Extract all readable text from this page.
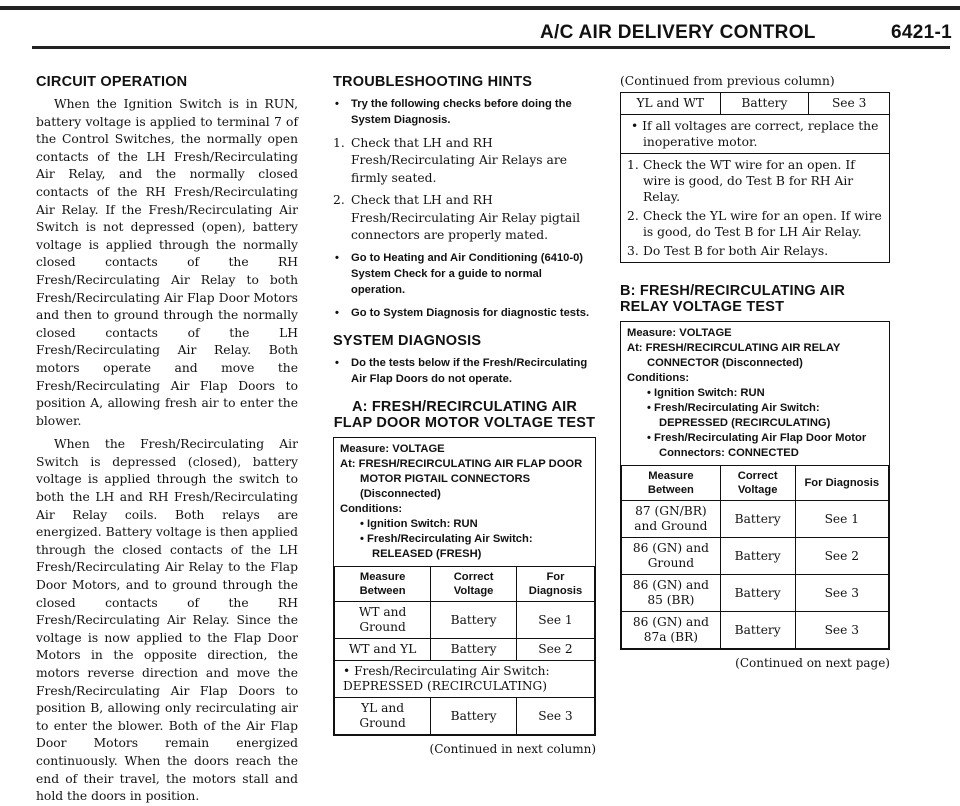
A/C AIR DELIVERY CONTROL	6421-1
CIRCUIT OPERATION

When the Ignition Switch is in RUN, battery voltage is applied to terminal 7 of the Control Switches, the normally open contacts of the LH Fresh/Recirculating Air Relay, and the normally closed contacts of the RH Fresh/Recirculating Air Relay. If the Fresh/Recirculating Air Switch is not depressed (open), battery voltage is applied through the normally closed contacts of the RH Fresh/Recirculating Air Relay to both Fresh/Recirculating Air Flap Door Motors and then to ground through the normally closed contacts of the LH Fresh/Recirculating Air Relay. Both motors operate and move the Fresh/Recirculating Air Flap Doors to position A, allowing fresh air to enter the blower.

When the Fresh/Recirculating Air Switch is depressed (closed), battery voltage is applied through the switch to both the LH and RH Fresh/Recirculating Air Relay coils. Both relays are energized. Battery voltage is then applied through the closed contacts of the LH Fresh/Recirculating Air Relay to the Flap Door Motors, and to ground through the closed contacts of the RH Fresh/Recirculating Air Relay. Since the voltage is now applied to the Flap Door Motors in the opposite direction, the motors reverse direction and move the Fresh/Recirculating Air Flap Doors to position B, allowing only recirculating air to enter the blower. Both of the Air Flap Door Motors remain energized continuously. When the doors reach the end of their travel, the motors stall and hold the doors in position.

TROUBLESHOOTING HINTS
• Try the following checks before doing the System Diagnosis.
1. Check that LH and RH Fresh/Recirculating Air Relays are firmly seated.
2. Check that LH and RH Fresh/Recirculating Air Relay pigtail connectors are properly mated.
• Go to Heating and Air Conditioning (6410-0) System Check for a guide to normal operation.
• Go to System Diagnosis for diagnostic tests.
SYSTEM DIAGNOSIS
• Do the tests below if the Fresh/Recirculating Air Flap Doors do not operate.
A: FRESH/RECIRCULATING AIR FLAP DOOR MOTOR VOLTAGE TEST
Measure: VOLTAGE
At: FRESH/RECIRCULATING AIR FLAP DOOR
MOTOR PIGTAIL CONNECTORS
(Disconnected)
Conditions:
• Ignition Switch: RUN
• Fresh/Recirculating Air Switch:
RELEASED (FRESH)
Measure Between	Correct Voltage	For Diagnosis
WT and Ground	Battery	See 1
WT and YL	Battery	See 2
• Fresh/Recirculating Air Switch: DEPRESSED (RECIRCULATING)		
YL and Ground	Battery	See 3
(Continued in next column)
(Continued from previous column)
YL and WT	Battery	See 3
• If all voltages are correct, replace the inoperative motor.
1. Check the WT wire for an open. If wire is good, do Test B for RH Air Relay.
2. Check the YL wire for an open. If wire is good, do Test B for LH Air Relay.
3. Do Test B for both Air Relays.
B: FRESH/RECIRCULATING AIR RELAY VOLTAGE TEST
Measure: VOLTAGE
At: FRESH/RECIRCULATING AIR RELAY
CONNECTOR (Disconnected)
Conditions:
• Ignition Switch: RUN
• Fresh/Recirculating Air Switch:
DEPRESSED (RECIRCULATING)
• Fresh/Recirculating Air Flap Door Motor
Connectors: CONNECTED
Measure Between	Correct Voltage	For Diagnosis
87 (GN/BR) and Ground	Battery	See 1
86 (GN) and Ground	Battery	See 2
86 (GN) and 85 (BR)	Battery	See 3
86 (GN) and 87a (BR)	Battery	See 3
(Continued on next page)
